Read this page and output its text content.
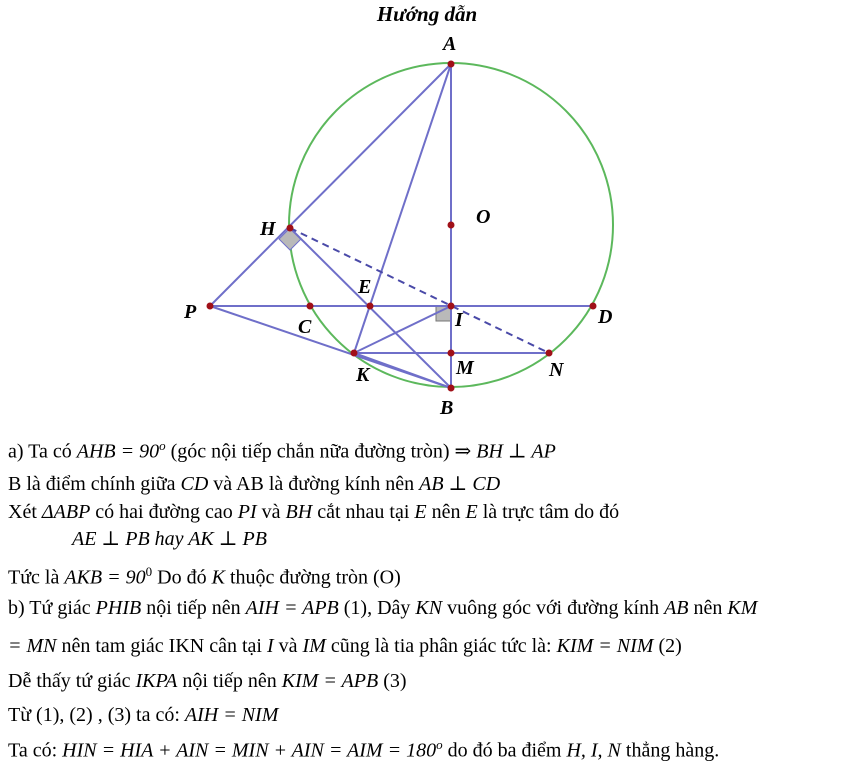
Hướng dẫn
A
O
H
E
P
C	I	D
K	M	N
B
a) Ta có AHB = $90^o$ (góc nội tiếp chắn nữa đường tròn) ⇒ BH ⊥ AP
B là điểm chính giữa CD và AB là đường kính nên AB ⊥ CD
Xét ΔABP có hai đường cao PI và BH cắt nhau tại E nên E là trực tâm do đó
AE ⊥ PB hay AK ⊥ PB
Tức là AKB = $90^0$ Do đó K thuộc đường tròn (O)
b) Tứ giác PHIB nội tiếp nên AIH = APB (1), Dây KN vuông góc với đường kính AB nên KM
= MN nên tam giác IKN cân tại I và IM cũng là tia phân giác tức là: KIM = NIM (2)
Dễ thấy tứ giác IKPA nội tiếp nên KIM = APB (3)
Từ (1), (2) , (3) ta có: AIH = NIM
Ta có: HIN = HIA + AIN = MIN + AIN = AIM = $180^o$ do đó ba điểm H, I, N thẳng hàng.
